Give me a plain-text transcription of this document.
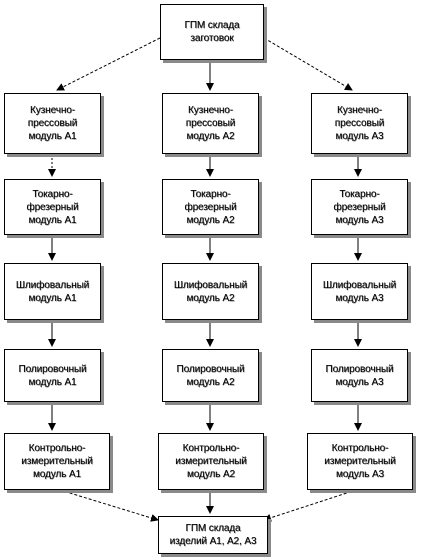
ГПМ склада
заготовок
Кузнечно-
прессовый
модуль А1
Токарно-
фрезерный
модуль А1
Шлифовальный
модуль А1
Полировочный
модуль А1
Контрольно-
измерительный
модуль А1
Кузнечно-
прессовый
модуль А2
Токарно-
фрезерный
модуль А2
Шлифовальный
модуль А2
Полировочный
модуль А2
Контрольно-
измерительный
модуль А2
Кузнечно-
прессовый
модуль А3
Токарно-
фрезерный
модуль А3
Шлифовальный
модуль А3
Полировочный
модуль А3
Контрольно-
измерительный
модуль А3
ГПМ склада
изделий А1, А2, А3
